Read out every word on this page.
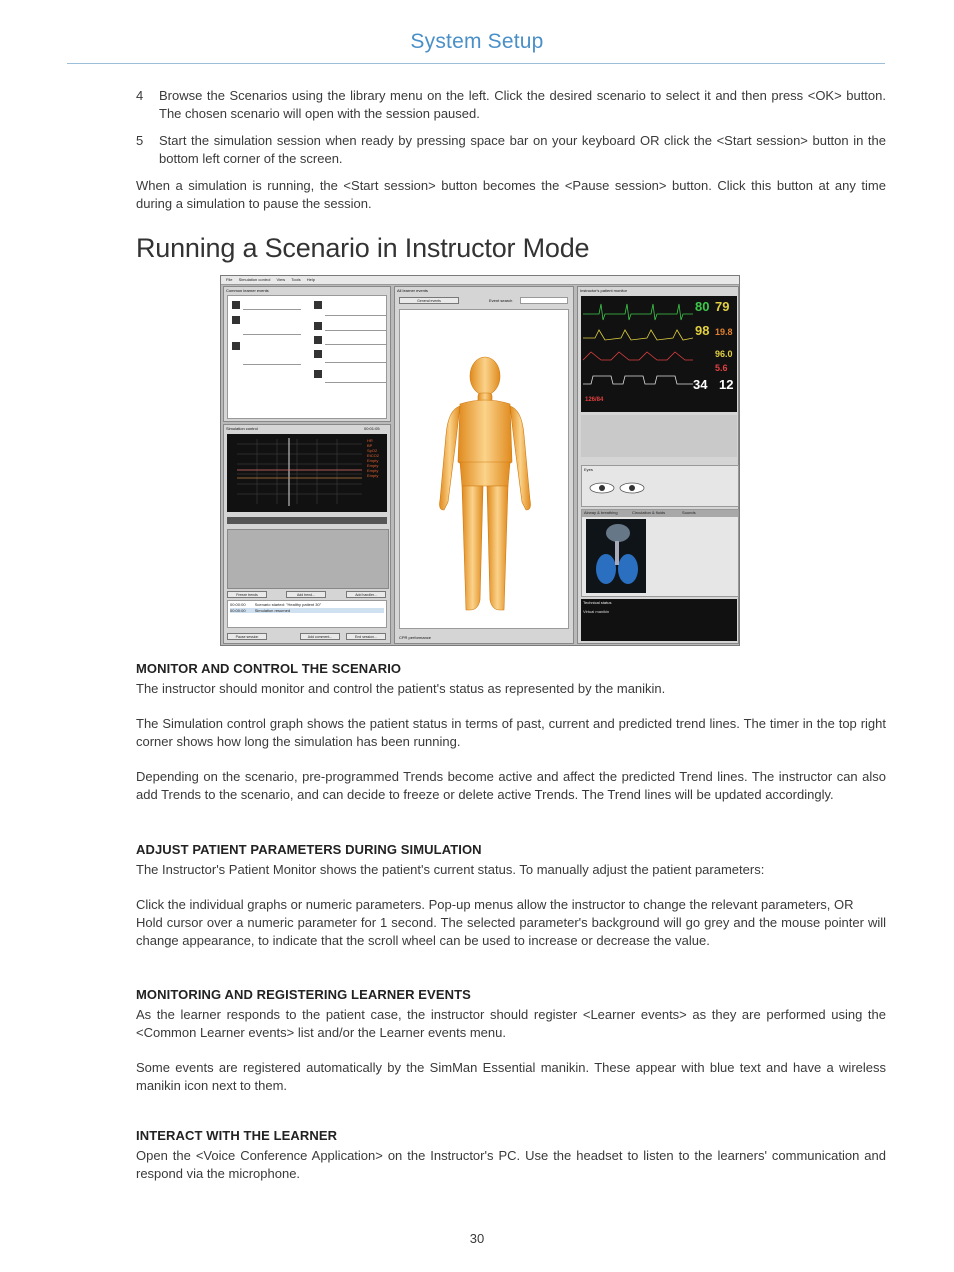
System Setup
4 Browse the Scenarios using the library menu on the left. Click the desired scenario to select it and then press <OK> button. The chosen scenario will open with the session paused.
5 Start the simulation session when ready by pressing space bar on your keyboard OR click the <Start session> button in the bottom left corner of the screen.

When a simulation is running, the <Start session> button becomes the <Pause session> button. Click this button at any time during a simulation to pause the session.

Running a Scenario in Instructor Mode
File Simulation control View Tools Help
Common learner events
Simulation control	00:01:05
HR
BP
SpO2
EtCO2
Empty
Empty
Empty
Empty
Freeze trends	Add trend...	Add handler...
00:00:00 Scenario started: "Healthy patient 30"
00:00:00 Simulation resumed
Pause session	Add comment...	End session...
All learner events
General events	Event search
CPR performance
Instructor's patient monitor
80 79
98 19.8
96.0
5.6
34 12
126/84
Eyes
Airway & breathing	Circulation & fluids	Sounds
Technical status
Virtual manikin
MONITOR AND CONTROL THE SCENARIO

The instructor should monitor and control the patient's status as represented by the manikin.

The Simulation control graph shows the patient status in terms of past, current and predicted trend lines. The timer in the top right corner shows how long the simulation has been running.

Depending on the scenario, pre-programmed Trends become active and affect the predicted Trend lines. The instructor can also add Trends to the scenario, and can decide to freeze or delete active Trends. The Trend lines will be updated accordingly.

ADJUST PATIENT PARAMETERS DURING SIMULATION

The Instructor's Patient Monitor shows the patient's current status. To manually adjust the patient parameters:

Click the individual graphs or numeric parameters. Pop-up menus allow the instructor to change the relevant parameters, OR
Hold cursor over a numeric parameter for 1 second. The selected parameter's background will go grey and the mouse pointer will change appearance, to indicate that the scroll wheel can be used to increase or decrease the value.

MONITORING AND REGISTERING LEARNER EVENTS

As the learner responds to the patient case, the instructor should register <Learner events> as they are performed using the <Common Learner events> list and/or the Learner events menu.

Some events are registered automatically by the SimMan Essential manikin. These appear with blue text and have a wireless manikin icon next to them.

INTERACT WITH THE LEARNER

Open the <Voice Conference Application> on the Instructor's PC. Use the headset to listen to the learners' communication and respond via the microphone.

30
